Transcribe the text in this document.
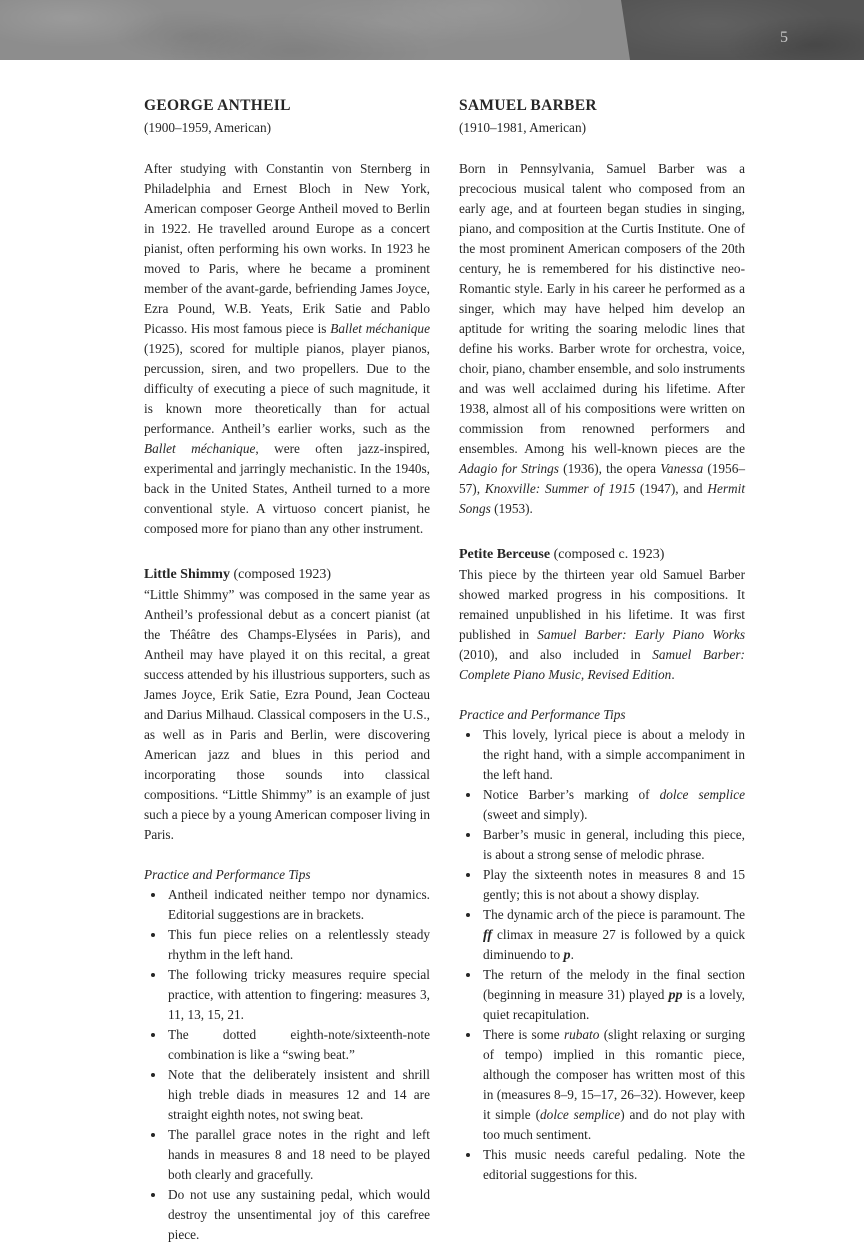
5
GEORGE ANTHEIL

(1900–1959, American)

After studying with Constantin von Sternberg in Philadelphia and Ernest Bloch in New York, American composer George Antheil moved to Berlin in 1922. He travelled around Europe as a concert pianist, often performing his own works. In 1923 he moved to Paris, where he became a prominent member of the avant-garde, befriending James Joyce, Ezra Pound, W.B. Yeats, Erik Satie and Pablo Picasso. His most famous piece is Ballet méchanique (1925), scored for multiple pianos, player pianos, percussion, siren, and two propellers. Due to the difficulty of executing a piece of such magnitude, it is known more theoretically than for actual performance. Antheil’s earlier works, such as the Ballet méchanique, were often jazz-inspired, experimental and jarringly mechanistic. In the 1940s, back in the United States, Antheil turned to a more conventional style. A virtuoso concert pianist, he composed more for piano than any other instrument.

Little Shimmy (composed 1923)

“Little Shimmy” was composed in the same year as Antheil’s professional debut as a concert pianist (at the Théâtre des Champs-Elysées in Paris), and Antheil may have played it on this recital, a great success attended by his illustrious supporters, such as James Joyce, Erik Satie, Ezra Pound, Jean Cocteau and Darius Milhaud. Classical composers in the U.S., as well as in Paris and Berlin, were discovering American jazz and blues in this period and incorporating those sounds into classical compositions. “Little Shimmy” is an example of just such a piece by a young American composer living in Paris.

Practice and Performance Tips

• Antheil indicated neither tempo nor dynamics. Editorial suggestions are in brackets.
• This fun piece relies on a relentlessly steady rhythm in the left hand.
• The following tricky measures require special practice, with attention to fingering: measures 3, 11, 13, 15, 21.
• The dotted eighth-note/sixteenth-note combination is like a “swing beat.”
• Note that the deliberately insistent and shrill high treble diads in measures 12 and 14 are straight eighth notes, not swing beat.
• The parallel grace notes in the right and left hands in measures 8 and 18 need to be played both clearly and gracefully.
• Do not use any sustaining pedal, which would destroy the unsentimental joy of this carefree piece.
SAMUEL BARBER

(1910–1981, American)

Born in Pennsylvania, Samuel Barber was a precocious musical talent who composed from an early age, and at fourteen began studies in singing, piano, and composition at the Curtis Institute. One of the most prominent American composers of the 20th century, he is remembered for his distinctive neo-Romantic style. Early in his career he performed as a singer, which may have helped him develop an aptitude for writing the soaring melodic lines that define his works. Barber wrote for orchestra, voice, choir, piano, chamber ensemble, and solo instruments and was well acclaimed during his lifetime. After 1938, almost all of his compositions were written on commission from renowned performers and ensembles. Among his well-known pieces are the Adagio for Strings (1936), the opera Vanessa (1956–57), Knoxville: Summer of 1915 (1947), and Hermit Songs (1953).

Petite Berceuse (composed c. 1923)

This piece by the thirteen year old Samuel Barber showed marked progress in his compositions. It remained unpublished in his lifetime. It was first published in Samuel Barber: Early Piano Works (2010), and also included in Samuel Barber: Complete Piano Music, Revised Edition.

Practice and Performance Tips

• This lovely, lyrical piece is about a melody in the right hand, with a simple accompaniment in the left hand.
• Notice Barber’s marking of dolce semplice (sweet and simply).
• Barber’s music in general, including this piece, is about a strong sense of melodic phrase.
• Play the sixteenth notes in measures 8 and 15 gently; this is not about a showy display.
• The dynamic arch of the piece is paramount. The ff climax in measure 27 is followed by a quick diminuendo to p.
• The return of the melody in the final section (beginning in measure 31) played pp is a lovely, quiet recapitulation.
• There is some rubato (slight relaxing or surging of tempo) implied in this romantic piece, although the composer has written most of this in (measures 8–9, 15–17, 26–32). However, keep it simple (dolce semplice) and do not play with too much sentiment.
• This music needs careful pedaling. Note the editorial suggestions for this.
